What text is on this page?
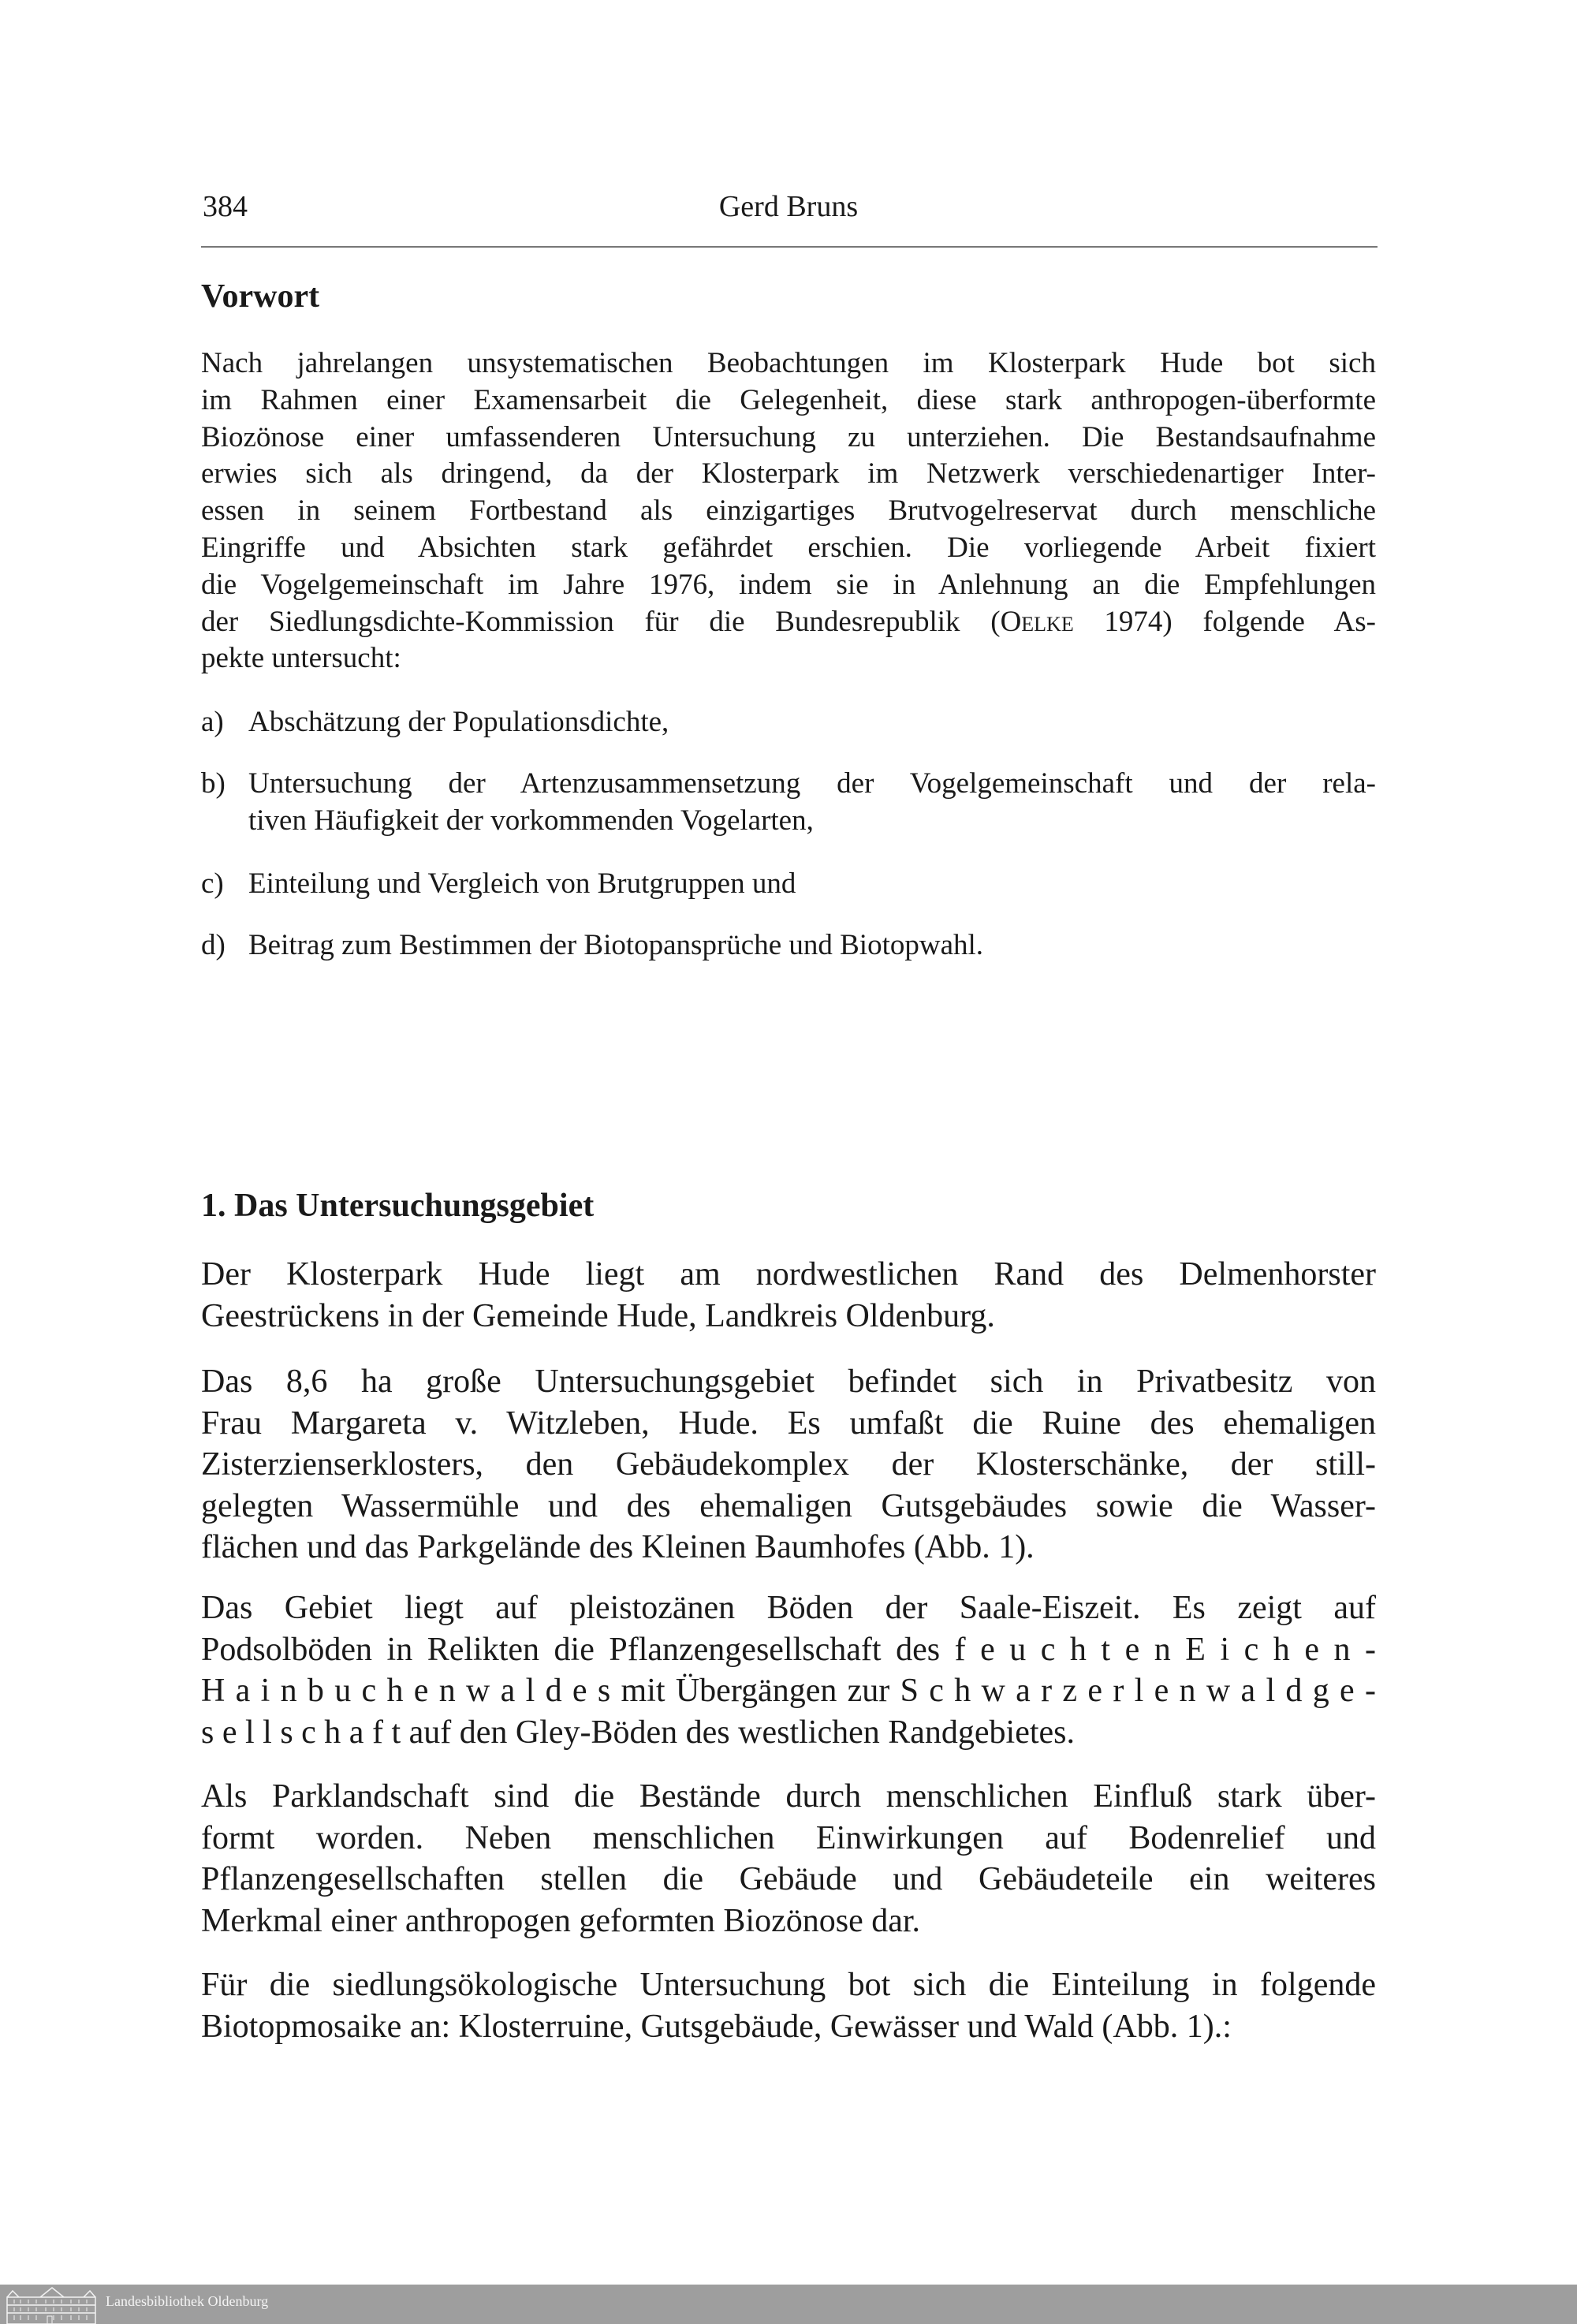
384	Gerd Bruns
Vorwort
Nach jahrelangen unsystematischen Beobachtungen im Klosterpark Hude bot sich
im Rahmen einer Examensarbeit die Gelegenheit, diese stark anthropogen-überformte
Biozönose einer umfassenderen Untersuchung zu unterziehen. Die Bestandsaufnahme
erwies sich als dringend, da der Klosterpark im Netzwerk verschiedenartiger Inter-
essen in seinem Fortbestand als einzigartiges Brutvogelreservat durch menschliche
Eingriffe und Absichten stark gefährdet erschien. Die vorliegende Arbeit fixiert
die Vogelgemeinschaft im Jahre 1976, indem sie in Anlehnung an die Empfehlungen
der Siedlungsdichte-Kommission für die Bundesrepublik (Oelke 1974) folgende As-
pekte untersucht:
a) Abschätzung der Populationsdichte,
b) Untersuchung der Artenzusammensetzung der Vogelgemeinschaft und der rela-
tiven Häufigkeit der vorkommenden Vogelarten,
c) Einteilung und Vergleich von Brutgruppen und
d) Beitrag zum Bestimmen der Biotopansprüche und Biotopwahl.
1. Das Untersuchungsgebiet
Der Klosterpark Hude liegt am nordwestlichen Rand des Delmenhorster
Geestrückens in der Gemeinde Hude, Landkreis Oldenburg.
Das 8,6 ha große Untersuchungsgebiet befindet sich in Privatbesitz von
Frau Margareta v. Witzleben, Hude. Es umfaßt die Ruine des ehemaligen
Zisterzienserklosters, den Gebäudekomplex der Klosterschänke, der still-
gelegten Wassermühle und des ehemaligen Gutsgebäudes sowie die Wasser-
flächen und das Parkgelände des Kleinen Baumhofes (Abb. 1).
Das Gebiet liegt auf pleistozänen Böden der Saale-Eiszeit. Es zeigt auf
Podsolböden in Relikten die Pflanzengesellschaft des f e u c h t e n E i c h e n -
H a i n b u c h e n w a l d e s mit Übergängen zur S c h w a r z e r l e n w a l d g e -
s e l l s c h a f t auf den Gley-Böden des westlichen Randgebietes.
Als Parklandschaft sind die Bestände durch menschlichen Einfluß stark über-
formt worden. Neben menschlichen Einwirkungen auf Bodenrelief und
Pflanzengesellschaften stellen die Gebäude und Gebäudeteile ein weiteres
Merkmal einer anthropogen geformten Biozönose dar.
Für die siedlungsökologische Untersuchung bot sich die Einteilung in folgende
Biotopmosaike an: Klosterruine, Gutsgebäude, Gewässer und Wald (Abb. 1).:
Landesbibliothek Oldenburg
